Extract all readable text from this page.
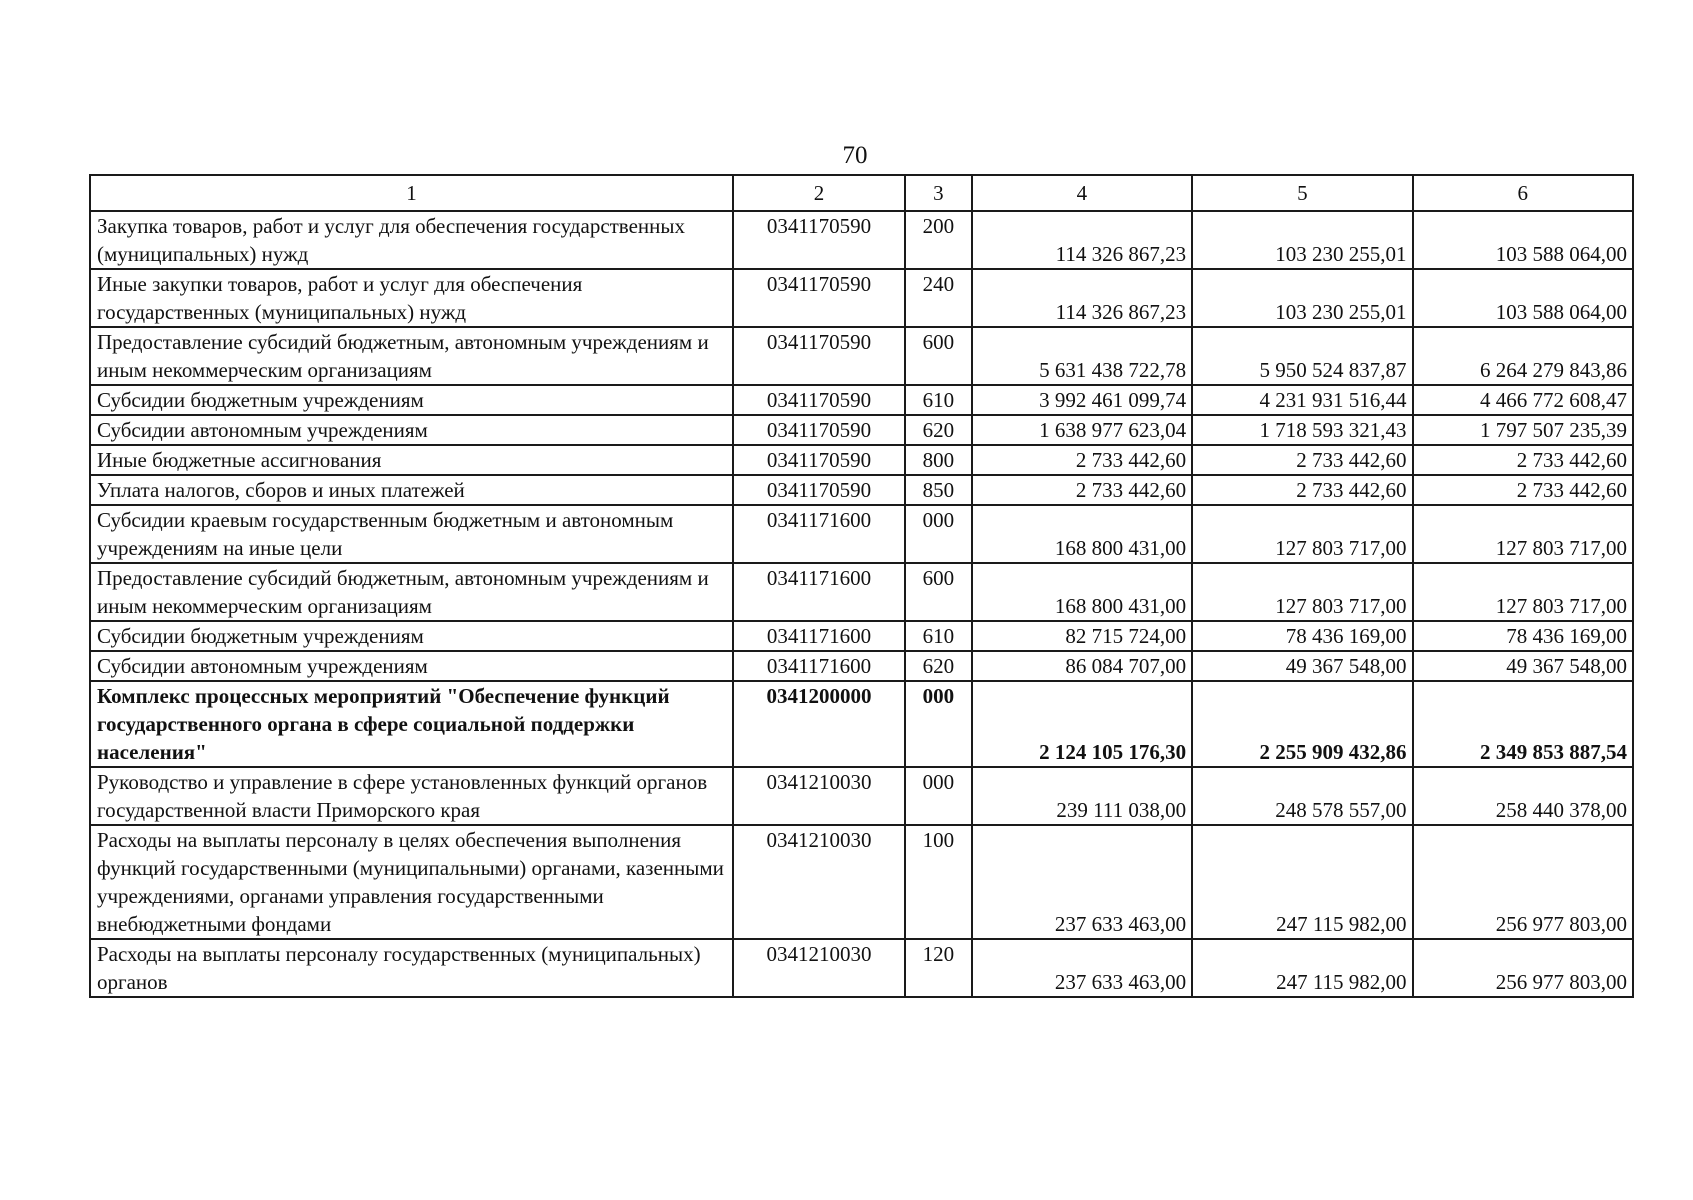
70
1	2	3	4	5	6
Закупка товаров, работ и услуг для обеспечения государственных (муниципальных) нужд	0341170590	200	114 326 867,23	103 230 255,01	103 588 064,00
Иные закупки товаров, работ и услуг для обеспечения государственных (муниципальных) нужд	0341170590	240	114 326 867,23	103 230 255,01	103 588 064,00
Предоставление субсидий бюджетным, автономным учреждениям и иным некоммерческим организациям	0341170590	600	5 631 438 722,78	5 950 524 837,87	6 264 279 843,86
Субсидии бюджетным учреждениям	0341170590	610	3 992 461 099,74	4 231 931 516,44	4 466 772 608,47
Субсидии автономным учреждениям	0341170590	620	1 638 977 623,04	1 718 593 321,43	1 797 507 235,39
Иные бюджетные ассигнования	0341170590	800	2 733 442,60	2 733 442,60	2 733 442,60
Уплата налогов, сборов и иных платежей	0341170590	850	2 733 442,60	2 733 442,60	2 733 442,60
Субсидии краевым государственным бюджетным и автономным учреждениям на иные цели	0341171600	000	168 800 431,00	127 803 717,00	127 803 717,00
Предоставление субсидий бюджетным, автономным учреждениям и иным некоммерческим организациям	0341171600	600	168 800 431,00	127 803 717,00	127 803 717,00
Субсидии бюджетным учреждениям	0341171600	610	82 715 724,00	78 436 169,00	78 436 169,00
Субсидии автономным учреждениям	0341171600	620	86 084 707,00	49 367 548,00	49 367 548,00
Комплекс процессных мероприятий "Обеспечение функций государственного органа в сфере социальной поддержки населения"	0341200000	000	2 124 105 176,30	2 255 909 432,86	2 349 853 887,54
Руководство и управление в сфере установленных функций органов государственной власти Приморского края	0341210030	000	239 111 038,00	248 578 557,00	258 440 378,00
Расходы на выплаты персоналу в целях обеспечения выполнения функций государственными (муниципальными) органами, казенными учреждениями, органами управления государственными внебюджетными фондами	0341210030	100	237 633 463,00	247 115 982,00	256 977 803,00
Расходы на выплаты персоналу государственных (муниципальных) органов	0341210030	120	237 633 463,00	247 115 982,00	256 977 803,00
